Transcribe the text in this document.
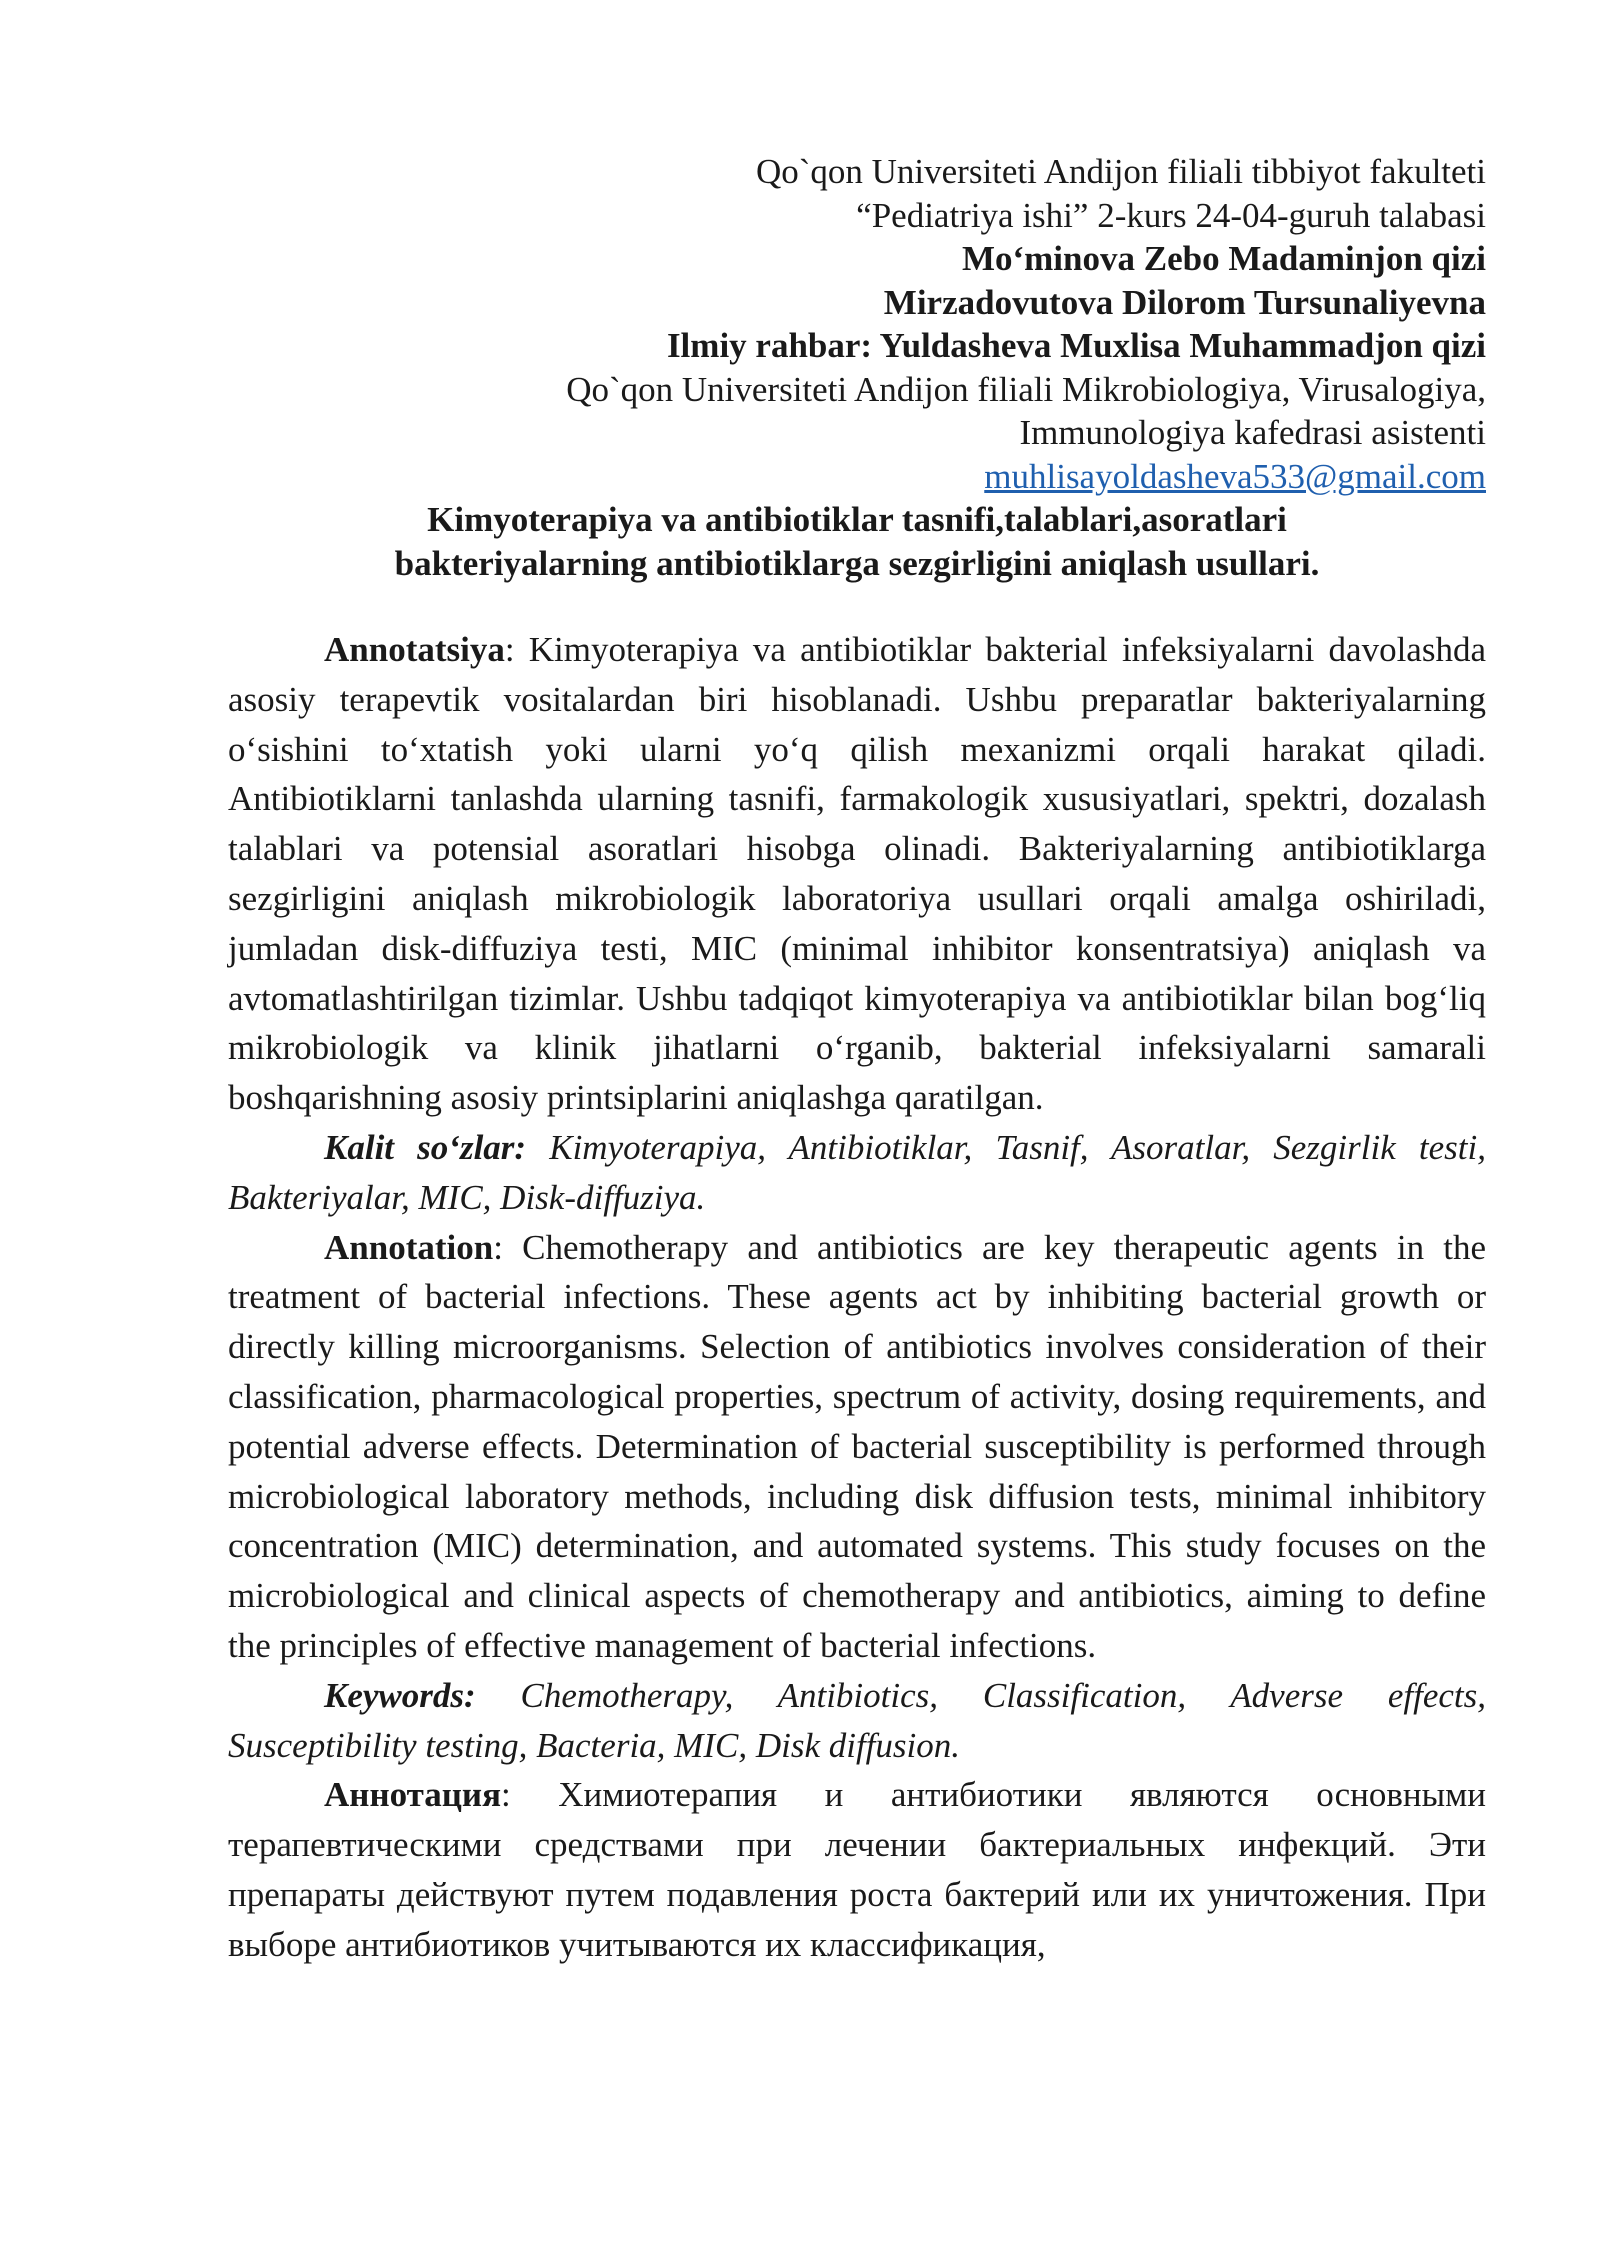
Qo`qon Universiteti Andijon filiali tibbiyot fakulteti
“Pediatriya ishi” 2-kurs 24-04-guruh talabasi
Mo‘minova Zebo Madaminjon qizi
Mirzadovutova Dilorom Tursunaliyevna
Ilmiy rahbar: Yuldasheva Muxlisa Muhammadjon qizi
Qo`qon Universiteti Andijon filiali Mikrobiologiya, Virusalogiya,
Immunologiya kafedrasi asistenti
muhlisayoldasheva533@gmail.com
Kimyoterapiya va antibiotiklar tasnifi,talablari,asoratlari
bakteriyalarning antibiotiklarga sezgirligini aniqlash usullari.

Annotatsiya: Kimyoterapiya va antibiotiklar bakterial infeksiyalarni davolashda asosiy terapevtik vositalardan biri hisoblanadi. Ushbu preparatlar bakteriyalarning o‘sishini to‘xtatish yoki ularni yo‘q qilish mexanizmi orqali harakat qiladi. Antibiotiklarni tanlashda ularning tasnifi, farmakologik xususiyatlari, spektri, dozalash talablari va potensial asoratlari hisobga olinadi. Bakteriyalarning antibiotiklarga sezgirligini aniqlash mikrobiologik laboratoriya usullari orqali amalga oshiriladi, jumladan disk-diffuziya testi, MIC (minimal inhibitor konsentratsiya) aniqlash va avtomatlashtirilgan tizimlar. Ushbu tadqiqot kimyoterapiya va antibiotiklar bilan bog‘liq mikrobiologik va klinik jihatlarni o‘rganib, bakterial infeksiyalarni samarali boshqarishning asosiy printsiplarini aniqlashga qaratilgan.

Kalit so‘zlar: Kimyoterapiya, Antibiotiklar, Tasnif, Asoratlar, Sezgirlik testi, Bakteriyalar, MIC, Disk-diffuziya.

Annotation: Chemotherapy and antibiotics are key therapeutic agents in the treatment of bacterial infections. These agents act by inhibiting bacterial growth or directly killing microorganisms. Selection of antibiotics involves consideration of their classification, pharmacological properties, spectrum of activity, dosing requirements, and potential adverse effects. Determination of bacterial susceptibility is performed through microbiological laboratory methods, including disk diffusion tests, minimal inhibitory concentration (MIC) determination, and automated systems. This study focuses on the microbiological and clinical aspects of chemotherapy and antibiotics, aiming to define the principles of effective management of bacterial infections.

Keywords: Chemotherapy, Antibiotics, Classification, Adverse effects, Susceptibility testing, Bacteria, MIC, Disk diffusion.

Аннотация: Химиотерапия и антибиотики являются основными терапевтическими средствами при лечении бактериальных инфекций. Эти препараты действуют путем подавления роста бактерий или их уничтожения. При выборе антибиотиков учитываются их классификация,
